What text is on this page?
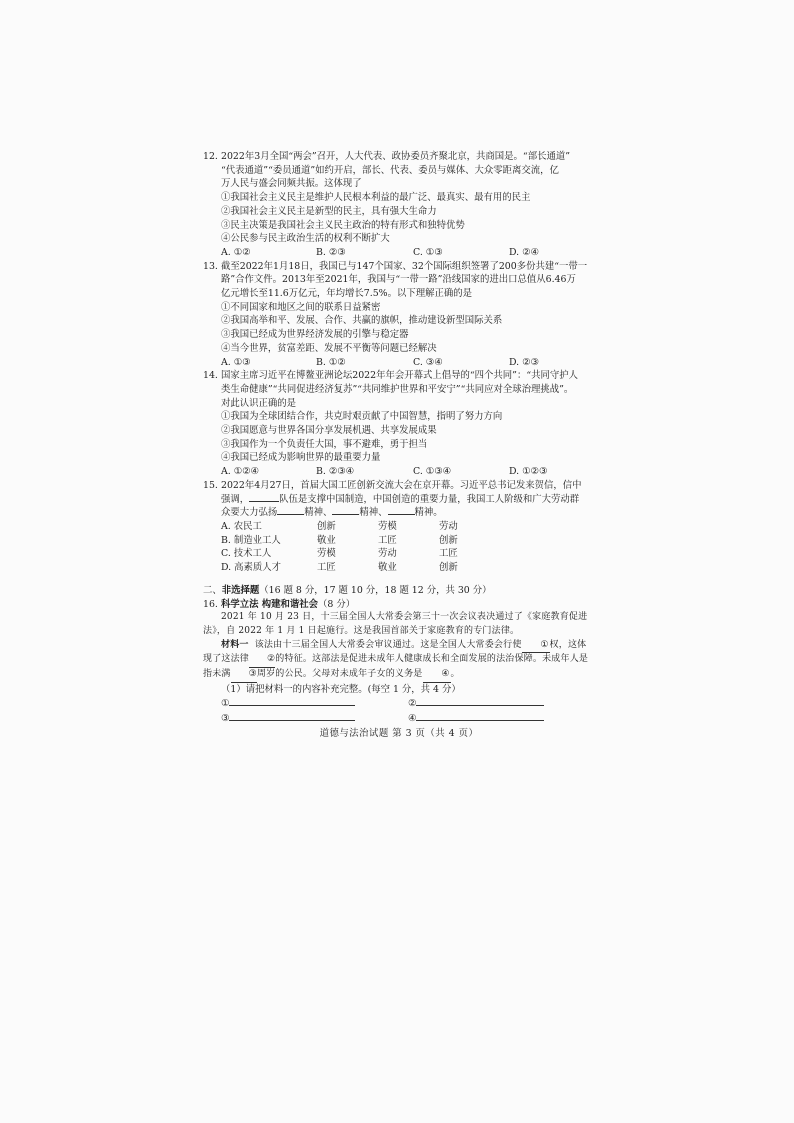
12. 2022年3月全国“两会”召开，人大代表、政协委员齐聚北京，共商国是。“部长通道”
“代表通道”“委员通道”如约开启，部长、代表、委员与媒体、大众零距离交流，亿
万人民与盛会同频共振。这体现了
①我国社会主义民主是维护人民根本利益的最广泛、最真实、最有用的民主
②我国社会主义民主是新型的民主，具有强大生命力
③民主决策是我国社会主义民主政治的特有形式和独特优势
④公民参与民主政治生活的权利不断扩大
A. ①②	B. ②③	C. ①③	D. ②④
13. 截至2022年1月18日，我国已与147个国家、32个国际组织签署了200多份共建“一带一
路”合作文件。2013年至2021年，我国与“一带一路”沿线国家的进出口总值从6.46万
亿元增长至11.6万亿元，年均增长7.5%。以下理解正确的是
①不同国家和地区之间的联系日益紧密
②我国高举和平、发展、合作、共赢的旗帜，推动建设新型国际关系
③我国已经成为世界经济发展的引擎与稳定器
④当今世界，贫富差距、发展不平衡等问题已经解决
A. ①③	B. ①②	C. ③④	D. ②③
14. 国家主席习近平在博鳌亚洲论坛2022年年会开幕式上倡导的“四个共同”：“共同守护人
类生命健康”“共同促进经济复苏”“共同维护世界和平安宁”“共同应对全球治理挑战”。
对此认识正确的是
①我国为全球团结合作，共克时艰贡献了中国智慧，指明了努力方向
②我国愿意与世界各国分享发展机遇、共享发展成果
③我国作为一个负责任大国，事不避难，勇于担当
④我国已经成为影响世界的最重要力量
A. ①②④	B. ②③④	C. ①③④	D. ①②③
15. 2022年4月27日，首届大国工匠创新交流大会在京开幕。习近平总书记发来贺信，信中
强调，	队伍是支撑中国制造，中国创造的重要力量，我国工人阶级和广大劳动群
众要大力弘扬	精神、	精神、	精神。
A. 农民工	创新	劳模	劳动
B. 制造业工人	敬业	工匠	创新
C. 技术工人	劳模	劳动	工匠
D. 高素质人才	工匠	敬业	创新
二、非选择题（16 题 8 分，17 题 10 分，18 题 12 分，共 30 分）
16. 科学立法 构建和谐社会（8 分）
2021 年 10 月 23 日，十三届全国人大常委会第三十一次会议表决通过了《家庭教育促进法》，自 2022 年 1 月 1 日起施行。这是我国首部关于家庭教育的专门法律。
材料一 该法由十三届全国人大常委会审议通过。这是全国人大常委会行使 ①权，这体现了这法律 ②的特征。这部法是促进未成年人健康成长和全面发展的法治保障。未成年人是指未满 ③周岁的公民。父母对未成年子女的义务是 ④。
（1）请把材料一的内容补充完整。(每空 1 分，共 4 分）
①	②
③	④
道德与法治试题 第 3 页（共 4 页）
